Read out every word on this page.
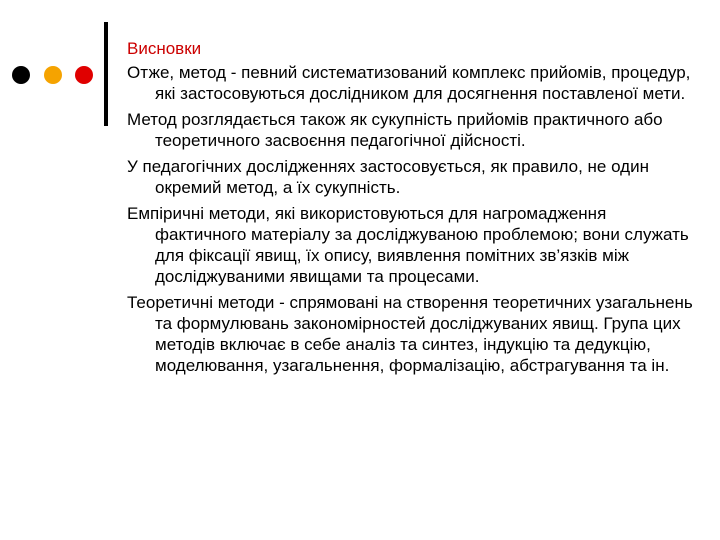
Висновки

Отже, метод - певний систематизований комплекс прийомів, процедур, які застосовуються дослідником для досягнення поставленої мети.

Метод розглядається також як сукупність прийомів практичного або теоретичного засвоєння педагогічної дійсності.

У педагогічних дослідженнях застосовується, як правило, не один окремий метод, а їх сукупність.

Емпіричні методи, які використовуються для нагромадження фактичного матеріалу за досліджуваною проблемою; вони служать для фіксації явищ, їх опису, виявлення помітних зв’язків між досліджуваними явищами та процесами.

Теоретичні методи - спрямовані на створення теоретичних узагальнень та формулювань закономірностей досліджуваних явищ. Група цих методів включає в себе аналіз та синтез, індукцію та дедукцію, моделювання, узагальнення, формалізацію, абстрагування та ін.
